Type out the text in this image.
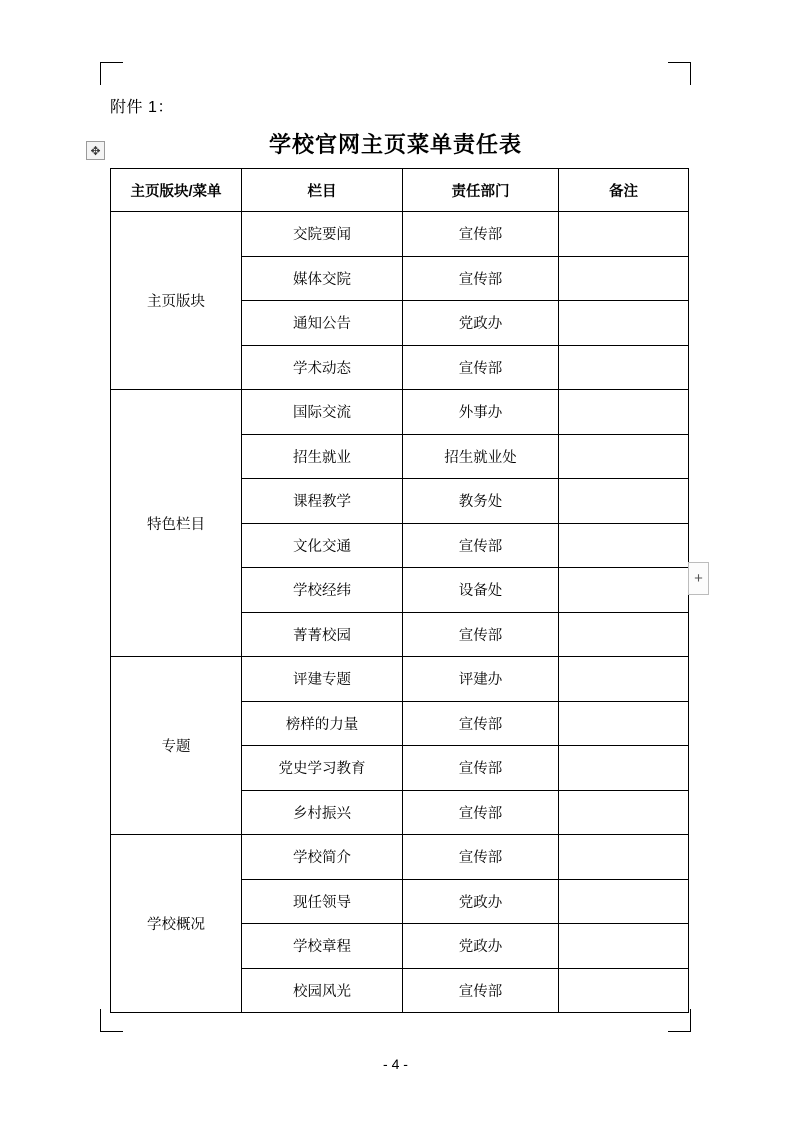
附件 1：
✥	学校官网主页菜单责任表
主页版块/菜单	栏目	责任部门	备注
主页版块	交院要闻	宣传部	
	媒体交院	宣传部	
	通知公告	党政办	
	学术动态	宣传部	
特色栏目	国际交流	外事办	
	招生就业	招生就业处	
	课程教学	教务处	
	文化交通	宣传部	
	学校经纬	设备处	
	菁菁校园	宣传部	
专题	评建专题	评建办	
	榜样的力量	宣传部	
	党史学习教育	宣传部	
	乡村振兴	宣传部	
学校概况	学校简介	宣传部	
	现任领导	党政办	
	学校章程	党政办	
	校园风光	宣传部	
+
- 4 -
